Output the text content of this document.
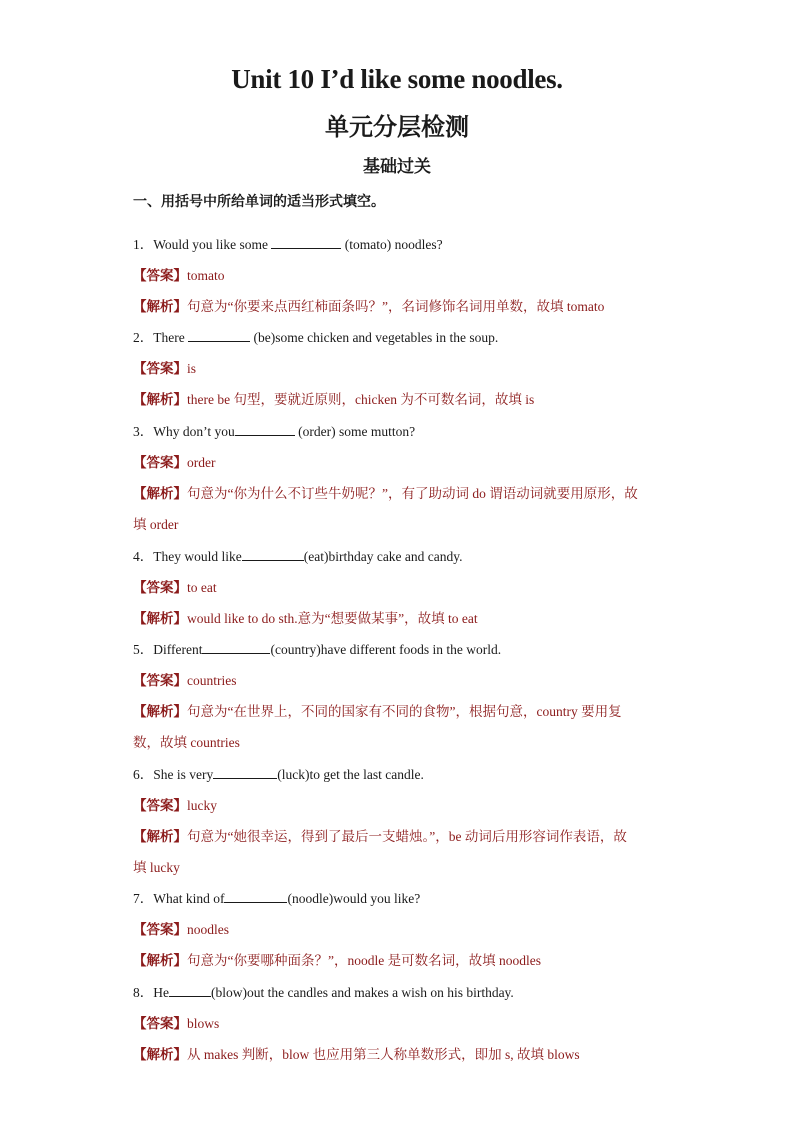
Unit 10 I’d like some noodles.
单元分层检测
基础过关
一、用括号中所给单词的适当形式填空。
1．Would you like some	(tomato) noodles?
【答案】tomato
【解析】句意为“你要来点西红柿面条吗？”，名词修饰名词用单数，故填 tomato
2．There	(be)some chicken and vegetables in the soup.
【答案】is
【解析】there be 句型，要就近原则，chicken 为不可数名词，故填 is
3．Why don’t you	(order) some mutton?
【答案】order
【解析】句意为“你为什么不订些牛奶呢？”，有了助动词 do 谓语动词就要用原形，故
填 order
4．They would like	(eat)birthday cake and candy.
【答案】to eat
【解析】would like to do sth.意为“想要做某事”，故填 to eat
5．Different	(country)have different foods in the world.
【答案】countries
【解析】句意为“在世界上，不同的国家有不同的食物”，根据句意，country 要用复
数，故填 countries
6．She is very	(luck)to get the last candle.
【答案】lucky
【解析】句意为“她很幸运，得到了最后一支蜡烛。”，be 动词后用形容词作表语，故
填 lucky
7．What kind of	(noodle)would you like?
【答案】noodles
【解析】句意为“你要哪种面条？”，noodle 是可数名词，故填 noodles
8．He	(blow)out the candles and makes a wish on his birthday.
【答案】blows
【解析】从 makes 判断，blow 也应用第三人称单数形式，即加 s, 故填 blows
